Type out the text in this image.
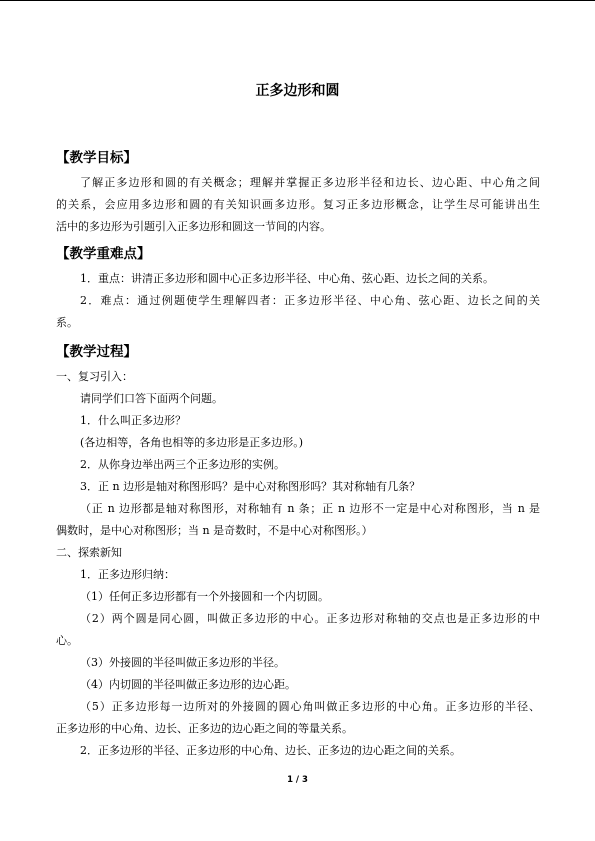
正多边形和圆
【教学目标】
了解正多边形和圆的有关概念；理解并掌握正多边形半径和边长、边心距、中心角之间
的关系，会应用多边形和圆的有关知识画多边形。复习正多边形概念，让学生尽可能讲出生
活中的多边形为引题引入正多边形和圆这一节间的内容。
【教学重难点】
1．重点：讲清正多边形和圆中心正多边形半径、中心角、弦心距、边长之间的关系。
2．难点：通过例题使学生理解四者：正多边形半径、中心角、弦心距、边长之间的关
系。
【教学过程】
一、复习引入：
请同学们口答下面两个问题。
1．什么叫正多边形？
(各边相等，各角也相等的多边形是正多边形。)
2．从你身边举出两三个正多边形的实例。
3．正 n 边形是轴对称图形吗？是中心对称图形吗？其对称轴有几条？
（正 n 边形都是轴对称图形，对称轴有 n 条；正 n 边形不一定是中心对称图形，当 n 是
偶数时，是中心对称图形；当 n 是奇数时，不是中心对称图形。）
二、探索新知
1．正多边形归纳：
（1）任何正多边形都有一个外接圆和一个内切圆。
（2）两个圆是同心圆，叫做正多边形的中心。正多边形对称轴的交点也是正多边形的中
心。
（3）外接圆的半径叫做正多边形的半径。
（4）内切圆的半径叫做正多边形的边心距。
（5）正多边形每一边所对的外接圆的圆心角叫做正多边形的中心角。正多边形的半径、
正多边形的中心角、边长、正多边的边心距之间的等量关系。
2．正多边形的半径、正多边形的中心角、边长、正多边的边心距之间的关系。
1 / 3
